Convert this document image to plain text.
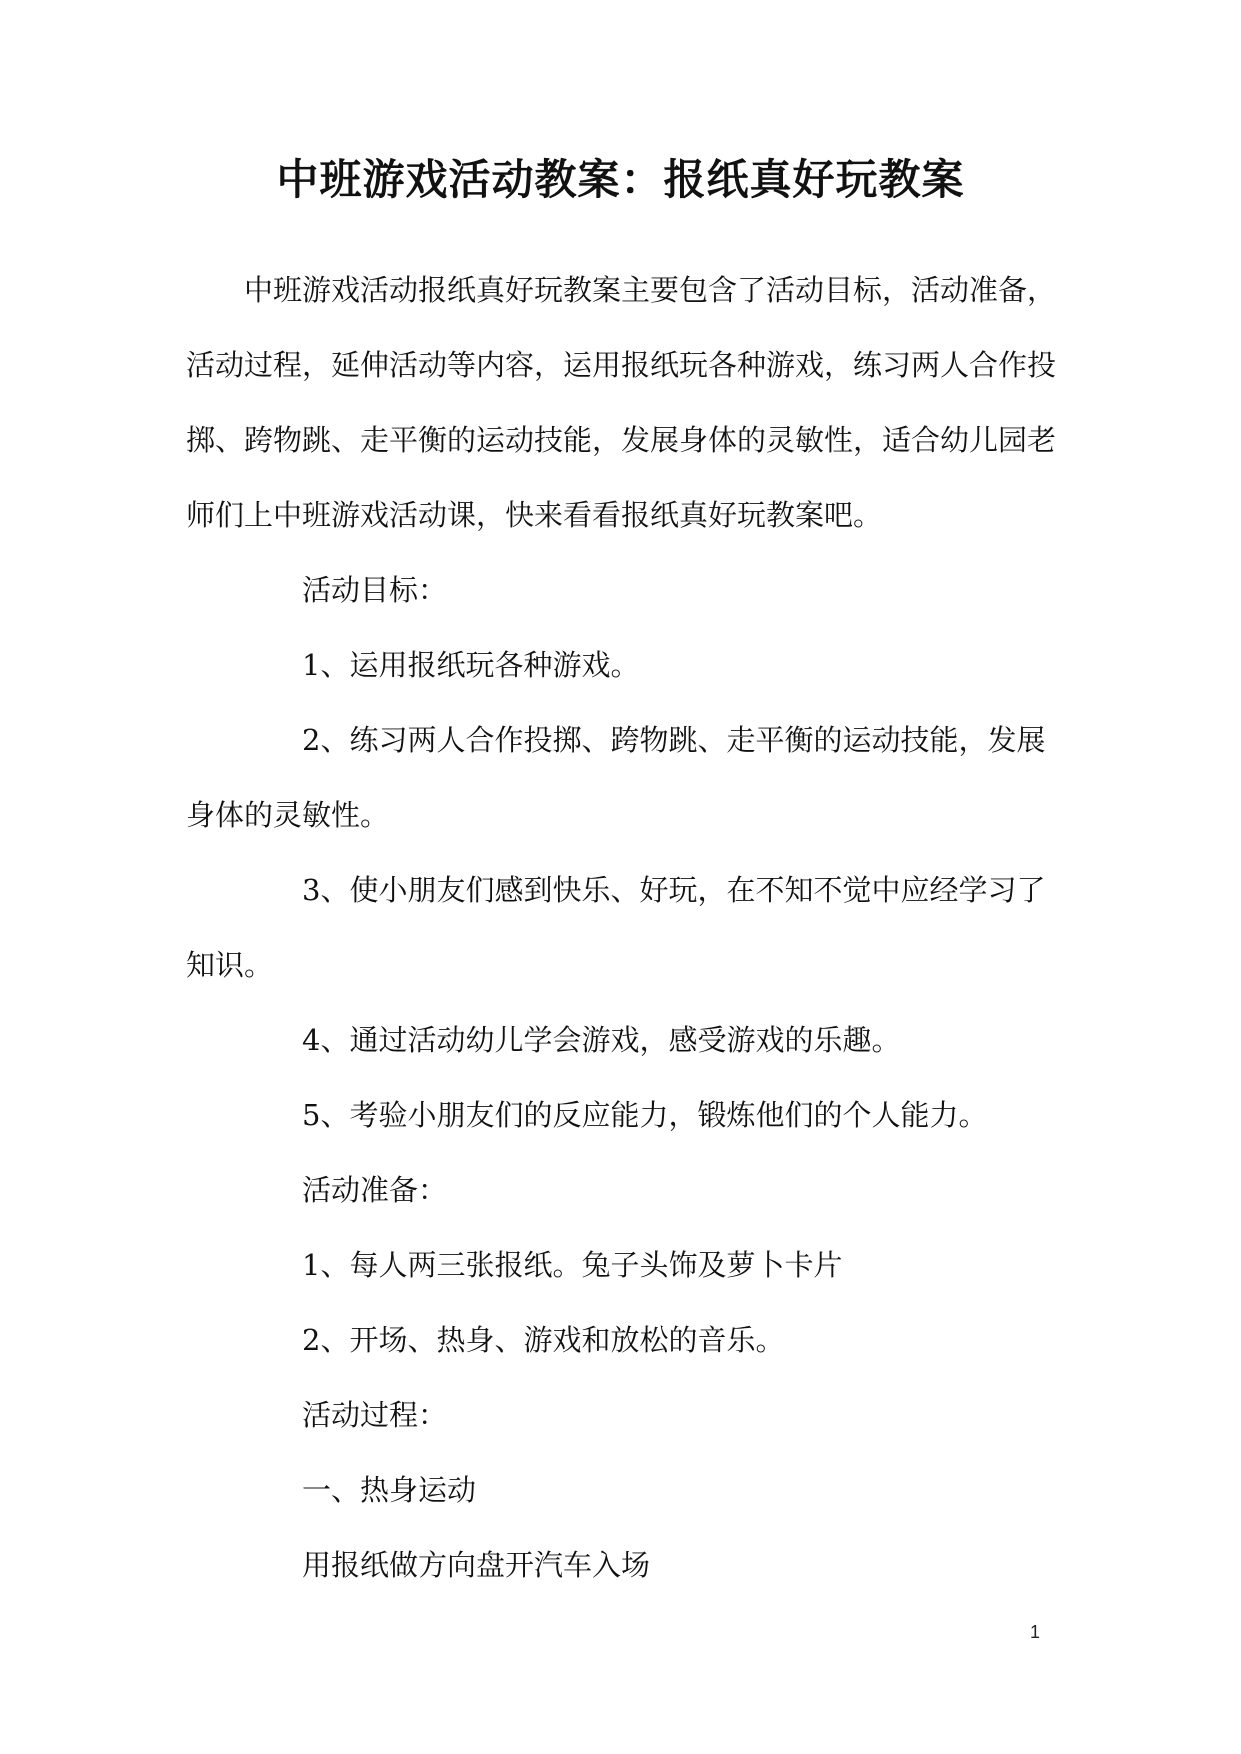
中班游戏活动教案：报纸真好玩教案

中班游戏活动报纸真好玩教案主要包含了活动目标，活动准备，活动过程，延伸活动等内容，运用报纸玩各种游戏，练习两人合作投掷、跨物跳、走平衡的运动技能，发展身体的灵敏性，适合幼儿园老师们上中班游戏活动课，快来看看报纸真好玩教案吧。

活动目标：

1、运用报纸玩各种游戏。

2、练习两人合作投掷、跨物跳、走平衡的运动技能，发展身体的灵敏性。

3、使小朋友们感到快乐、好玩，在不知不觉中应经学习了知识。

4、通过活动幼儿学会游戏，感受游戏的乐趣。

5、考验小朋友们的反应能力，锻炼他们的个人能力。

活动准备：

1、每人两三张报纸。兔子头饰及萝卜卡片

2、开场、热身、游戏和放松的音乐。

活动过程：

一、热身运动

用报纸做方向盘开汽车入场

1
